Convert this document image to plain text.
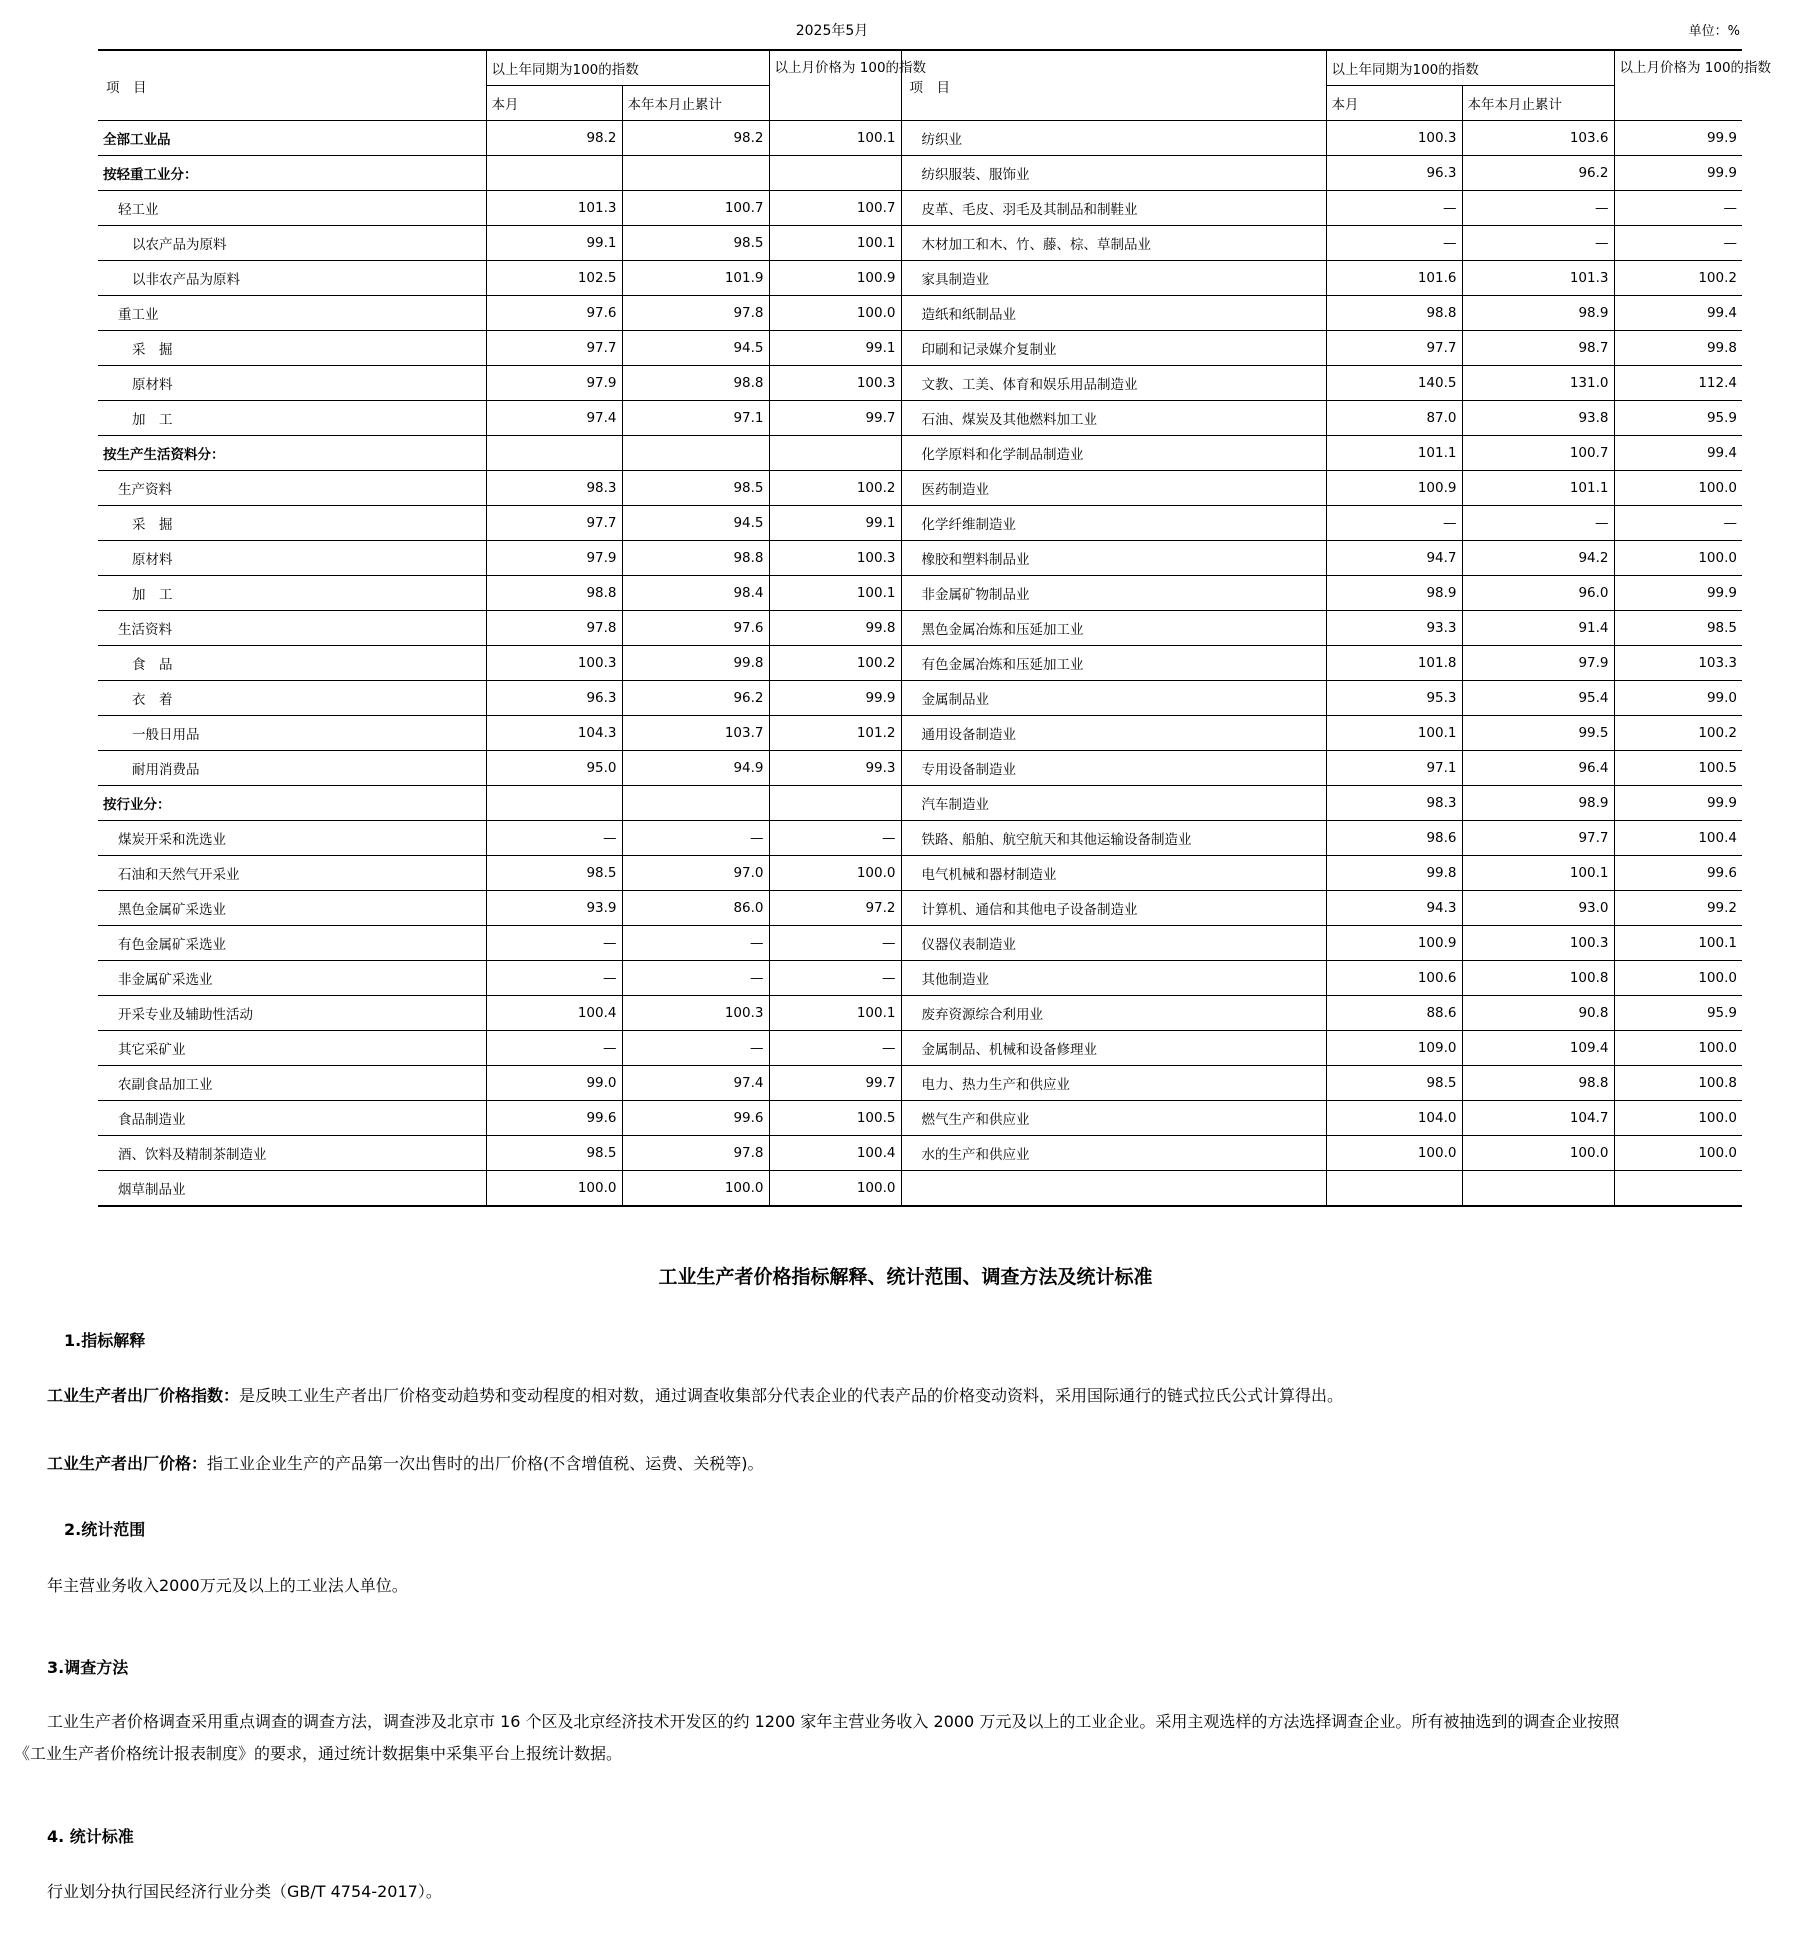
2025年5月	单位：%
项　目	以上年同期为100的指数		以上月价格为 100的指数	项　目	以上年同期为100的指数		以上月价格为 100的指数
	本月	本年本月止累计			本月	本年本月止累计	
全部工业品	98.2	98.2	100.1	纺织业	100.3	103.6	99.9
按轻重工业分：				纺织服装、服饰业	96.3	96.2	99.9
轻工业	101.3	100.7	100.7	皮革、毛皮、羽毛及其制品和制鞋业	—	—	—
以农产品为原料	99.1	98.5	100.1	木材加工和木、竹、藤、棕、草制品业	—	—	—
以非农产品为原料	102.5	101.9	100.9	家具制造业	101.6	101.3	100.2
重工业	97.6	97.8	100.0	造纸和纸制品业	98.8	98.9	99.4
采　掘	97.7	94.5	99.1	印刷和记录媒介复制业	97.7	98.7	99.8
原材料	97.9	98.8	100.3	文教、工美、体育和娱乐用品制造业	140.5	131.0	112.4
加　工	97.4	97.1	99.7	石油、煤炭及其他燃料加工业	87.0	93.8	95.9
按生产生活资料分：				化学原料和化学制品制造业	101.1	100.7	99.4
生产资料	98.3	98.5	100.2	医药制造业	100.9	101.1	100.0
采　掘	97.7	94.5	99.1	化学纤维制造业	—	—	—
原材料	97.9	98.8	100.3	橡胶和塑料制品业	94.7	94.2	100.0
加　工	98.8	98.4	100.1	非金属矿物制品业	98.9	96.0	99.9
生活资料	97.8	97.6	99.8	黑色金属冶炼和压延加工业	93.3	91.4	98.5
食　品	100.3	99.8	100.2	有色金属冶炼和压延加工业	101.8	97.9	103.3
衣　着	96.3	96.2	99.9	金属制品业	95.3	95.4	99.0
一般日用品	104.3	103.7	101.2	通用设备制造业	100.1	99.5	100.2
耐用消费品	95.0	94.9	99.3	专用设备制造业	97.1	96.4	100.5
按行业分：				汽车制造业	98.3	98.9	99.9
煤炭开采和洗选业	—	—	—	铁路、船舶、航空航天和其他运输设备制造业	98.6	97.7	100.4
石油和天然气开采业	98.5	97.0	100.0	电气机械和器材制造业	99.8	100.1	99.6
黑色金属矿采选业	93.9	86.0	97.2	计算机、通信和其他电子设备制造业	94.3	93.0	99.2
有色金属矿采选业	—	—	—	仪器仪表制造业	100.9	100.3	100.1
非金属矿采选业	—	—	—	其他制造业	100.6	100.8	100.0
开采专业及辅助性活动	100.4	100.3	100.1	废弃资源综合利用业	88.6	90.8	95.9
其它采矿业	—	—	—	金属制品、机械和设备修理业	109.0	109.4	100.0
农副食品加工业	99.0	97.4	99.7	电力、热力生产和供应业	98.5	98.8	100.8
食品制造业	99.6	99.6	100.5	燃气生产和供应业	104.0	104.7	100.0
酒、饮料及精制茶制造业	98.5	97.8	100.4	水的生产和供应业	100.0	100.0	100.0
烟草制品业	100.0	100.0	100.0				
工业生产者价格指标解释、统计范围、调查方法及统计标准
1.指标解释
工业生产者出厂价格指数：是反映工业生产者出厂价格变动趋势和变动程度的相对数，通过调查收集部分代表企业的代表产品的价格变动资料，采用国际通行的链式拉氏公式计算得出。
工业生产者出厂价格：指工业企业生产的产品第一次出售时的出厂价格(不含增值税、运费、关税等)。
2.统计范围
年主营业务收入2000万元及以上的工业法人单位。
3.调查方法
工业生产者价格调查采用重点调查的调查方法，调查涉及北京市 16 个区及北京经济技术开发区的约 1200 家年主营业务收入 2000 万元及以上的工业企业。采用主观选样的方法选择调查企业。所有被抽选到的调查企业按照
《工业生产者价格统计报表制度》的要求，通过统计数据集中采集平台上报统计数据。
4. 统计标准
行业划分执行国民经济行业分类（GB/T 4754-2017）。
